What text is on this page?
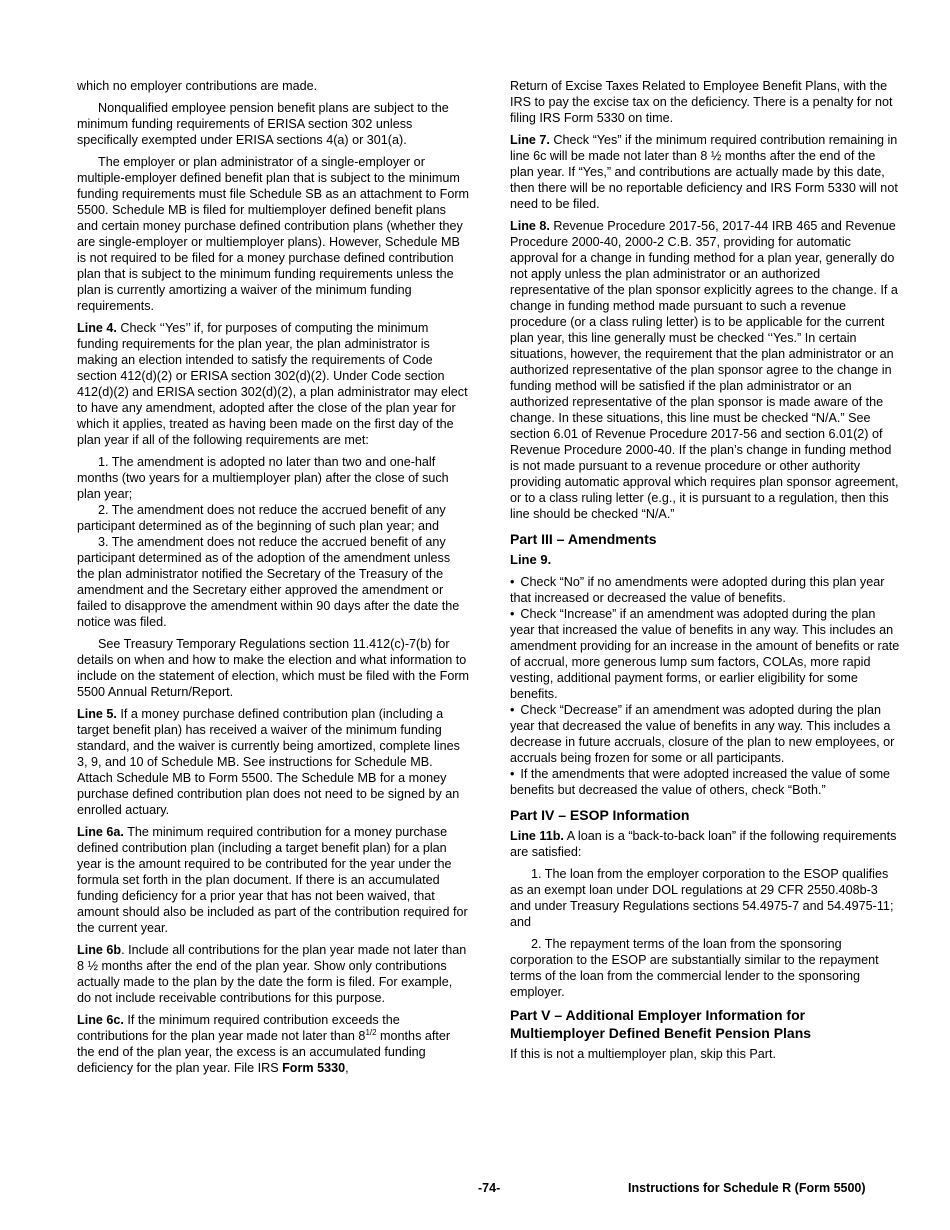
which no employer contributions are made.

Nonqualified employee pension benefit plans are subject to the minimum funding requirements of ERISA section 302 unless specifically exempted under ERISA sections 4(a) or 301(a).

The employer or plan administrator of a single-employer or multiple-employer defined benefit plan that is subject to the minimum funding requirements must file Schedule SB as an attachment to Form 5500. Schedule MB is filed for multiemployer defined benefit plans and certain money purchase defined contribution plans (whether they are single-employer or multiemployer plans). However, Schedule MB is not required to be filed for a money purchase defined contribution plan that is subject to the minimum funding requirements unless the plan is currently amortizing a waiver of the minimum funding requirements.

Line 4. Check ‘‘Yes’’ if, for purposes of computing the minimum funding requirements for the plan year, the plan administrator is making an election intended to satisfy the requirements of Code section 412(d)(2) or ERISA section 302(d)(2). Under Code section 412(d)(2) and ERISA section 302(d)(2), a plan administrator may elect to have any amendment, adopted after the close of the plan year for which it applies, treated as having been made on the first day of the plan year if all of the following requirements are met:

1. The amendment is adopted no later than two and one-half months (two years for a multiemployer plan) after the close of such plan year;

2. The amendment does not reduce the accrued benefit of any participant determined as of the beginning of such plan year; and

3. The amendment does not reduce the accrued benefit of any participant determined as of the adoption of the amendment unless the plan administrator notified the Secretary of the Treasury of the amendment and the Secretary either approved the amendment or failed to disapprove the amendment within 90 days after the date the notice was filed.

See Treasury Temporary Regulations section 11.412(c)-7(b) for details on when and how to make the election and what information to include on the statement of election, which must be filed with the Form 5500 Annual Return/Report.

Line 5. If a money purchase defined contribution plan (including a target benefit plan) has received a waiver of the minimum funding standard, and the waiver is currently being amortized, complete lines 3, 9, and 10 of Schedule MB. See instructions for Schedule MB. Attach Schedule MB to Form 5500. The Schedule MB for a money purchase defined contribution plan does not need to be signed by an enrolled actuary.

Line 6a. The minimum required contribution for a money purchase defined contribution plan (including a target benefit plan) for a plan year is the amount required to be contributed for the year under the formula set forth in the plan document. If there is an accumulated funding deficiency for a prior year that has not been waived, that amount should also be included as part of the contribution required for the current year.

Line 6b. Include all contributions for the plan year made not later than 8 ½ months after the end of the plan year. Show only contributions actually made to the plan by the date the form is filed. For example, do not include receivable contributions for this purpose.

Line 6c. If the minimum required contribution exceeds the contributions for the plan year made not later than $8^{1/2}$ months after the end of the plan year, the excess is an accumulated funding deficiency for the plan year. File IRS Form 5330,

Return of Excise Taxes Related to Employee Benefit Plans, with the IRS to pay the excise tax on the deficiency. There is a penalty for not filing IRS Form 5330 on time.

Line 7. Check “Yes” if the minimum required contribution remaining in line 6c will be made not later than 8 ½ months after the end of the plan year. If “Yes,” and contributions are actually made by this date, then there will be no reportable deficiency and IRS Form 5330 will not need to be filed.

Line 8. Revenue Procedure 2017-56, 2017-44 IRB 465 and Revenue Procedure 2000-40, 2000-2 C.B. 357, providing for automatic approval for a change in funding method for a plan year, generally do not apply unless the plan administrator or an authorized representative of the plan sponsor explicitly agrees to the change. If a change in funding method made pursuant to such a revenue procedure (or a class ruling letter) is to be applicable for the current plan year, this line generally must be checked ‘‘Yes.” In certain situations, however, the requirement that the plan administrator or an authorized representative of the plan sponsor agree to the change in funding method will be satisfied if the plan administrator or an authorized representative of the plan sponsor is made aware of the change. In these situations, this line must be checked “N/A.” See section 6.01 of Revenue Procedure 2017-56 and section 6.01(2) of Revenue Procedure 2000-40. If the plan’s change in funding method is not made pursuant to a revenue procedure or other authority providing automatic approval which requires plan sponsor agreement, or to a class ruling letter (e.g., it is pursuant to a regulation, then this line should be checked “N/A.”

Part III – Amendments
Line 9.
• Check “No” if no amendments were adopted during this plan year that increased or decreased the value of benefits.
• Check “Increase” if an amendment was adopted during the plan year that increased the value of benefits in any way. This includes an amendment providing for an increase in the amount of benefits or rate of accrual, more generous lump sum factors, COLAs, more rapid vesting, additional payment forms, or earlier eligibility for some benefits.
• Check “Decrease” if an amendment was adopted during the plan year that decreased the value of benefits in any way. This includes a decrease in future accruals, closure of the plan to new employees, or accruals being frozen for some or all participants.
• If the amendments that were adopted increased the value of some benefits but decreased the value of others, check “Both.”
Part IV – ESOP Information

Line 11b. A loan is a “back-to-back loan” if the following requirements are satisfied:

1. The loan from the employer corporation to the ESOP qualifies as an exempt loan under DOL regulations at 29 CFR 2550.408b-3 and under Treasury Regulations sections 54.4975-7 and 54.4975-11; and

2. The repayment terms of the loan from the sponsoring corporation to the ESOP are substantially similar to the repayment terms of the loan from the commercial lender to the sponsoring employer.

Part V – Additional Employer Information for Multiemployer Defined Benefit Pension Plans

If this is not a multiemployer plan, skip this Part.

-74-	Instructions for Schedule R (Form 5500)
